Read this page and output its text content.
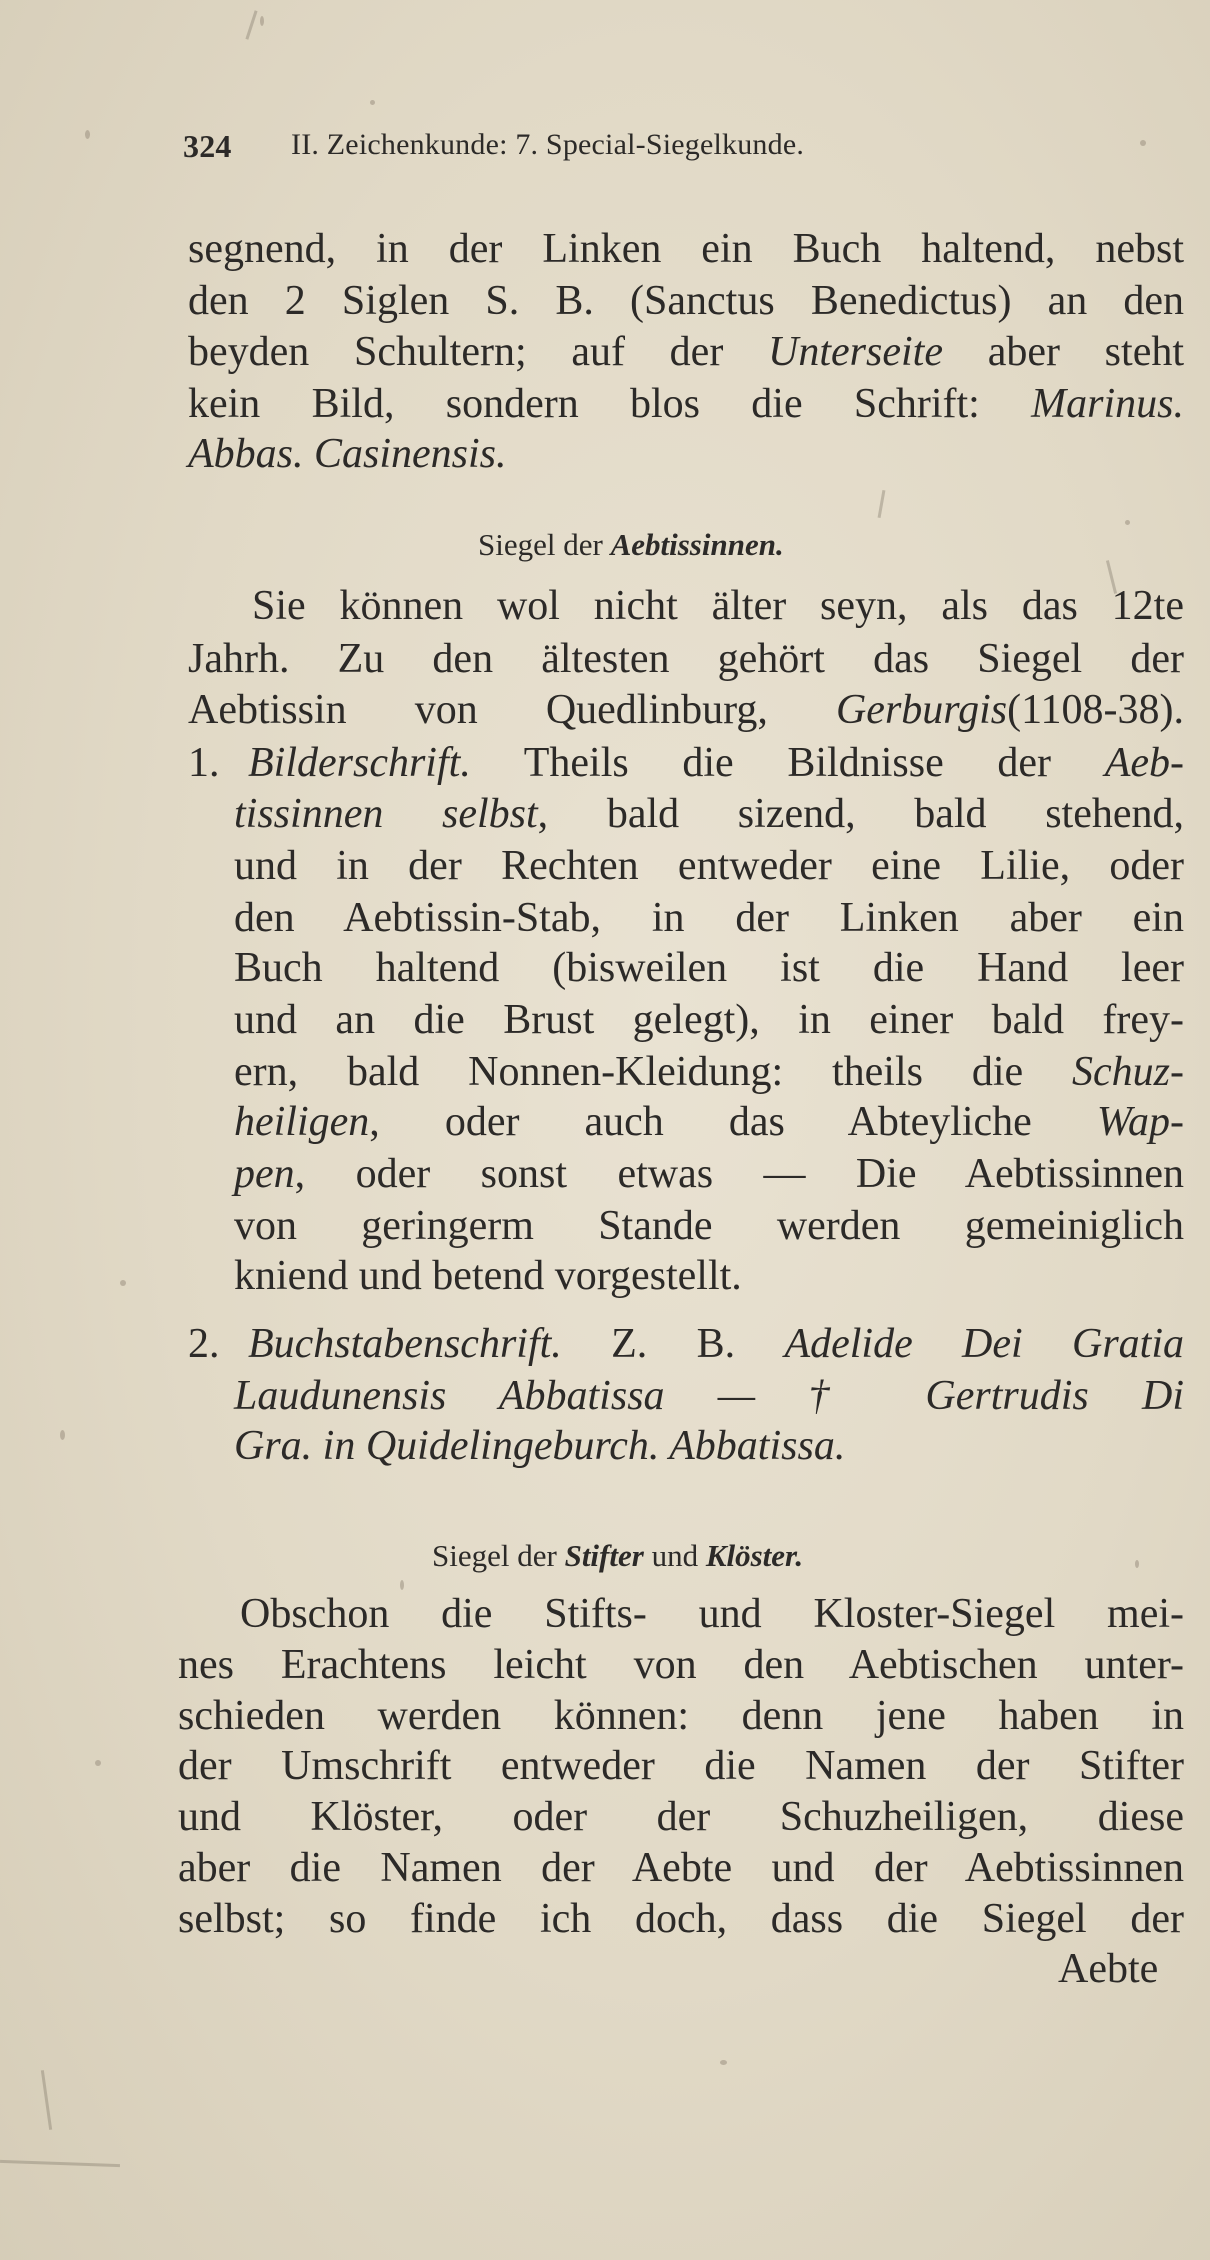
324 II. Zeichenkunde: 7. Special-Siegelkunde.
segnend, in der Linken ein Buch haltend, nebst
den 2 Siglen S. B. (Sanctus Benedictus) an den
beyden Schultern; auf der Unterseite aber steht
kein Bild, sondern blos die Schrift: Marinus.
Abbas. Casinensis.
Siegel der Aebtissinnen.
Sie können wol nicht älter seyn, als das 12te
Jahrh. Zu den ältesten gehört das Siegel der
Aebtissin von Quedlinburg, Gerburgis(1108-38).
1. Bilderschrift. Theils die Bildnisse der Aeb-
tissinnen selbst, bald sizend, bald stehend,
und in der Rechten entweder eine Lilie, oder
den Aebtissin-Stab, in der Linken aber ein
Buch haltend (bisweilen ist die Hand leer
und an die Brust gelegt), in einer bald frey-
ern, bald Nonnen-Kleidung: theils die Schuz-
heiligen, oder auch das Abteyliche Wap-
pen, oder sonst etwas — Die Aebtissinnen
von geringerm Stande werden gemeiniglich
kniend und betend vorgestellt.
2. Buchstabenschrift. Z. B. Adelide Dei Gratia
Laudunensis Abbatissa — † Gertrudis Di
Gra. in Quidelingeburch. Abbatissa.
Siegel der Stifter und Klöster.
Obschon die Stifts- und Kloster-Siegel mei-
nes Erachtens leicht von den Aebtischen unter-
schieden werden können: denn jene haben in
der Umschrift entweder die Namen der Stifter
und Klöster, oder der Schuzheiligen, diese
aber die Namen der Aebte und der Aebtissinnen
selbst; so finde ich doch, dass die Siegel der
Aebte
